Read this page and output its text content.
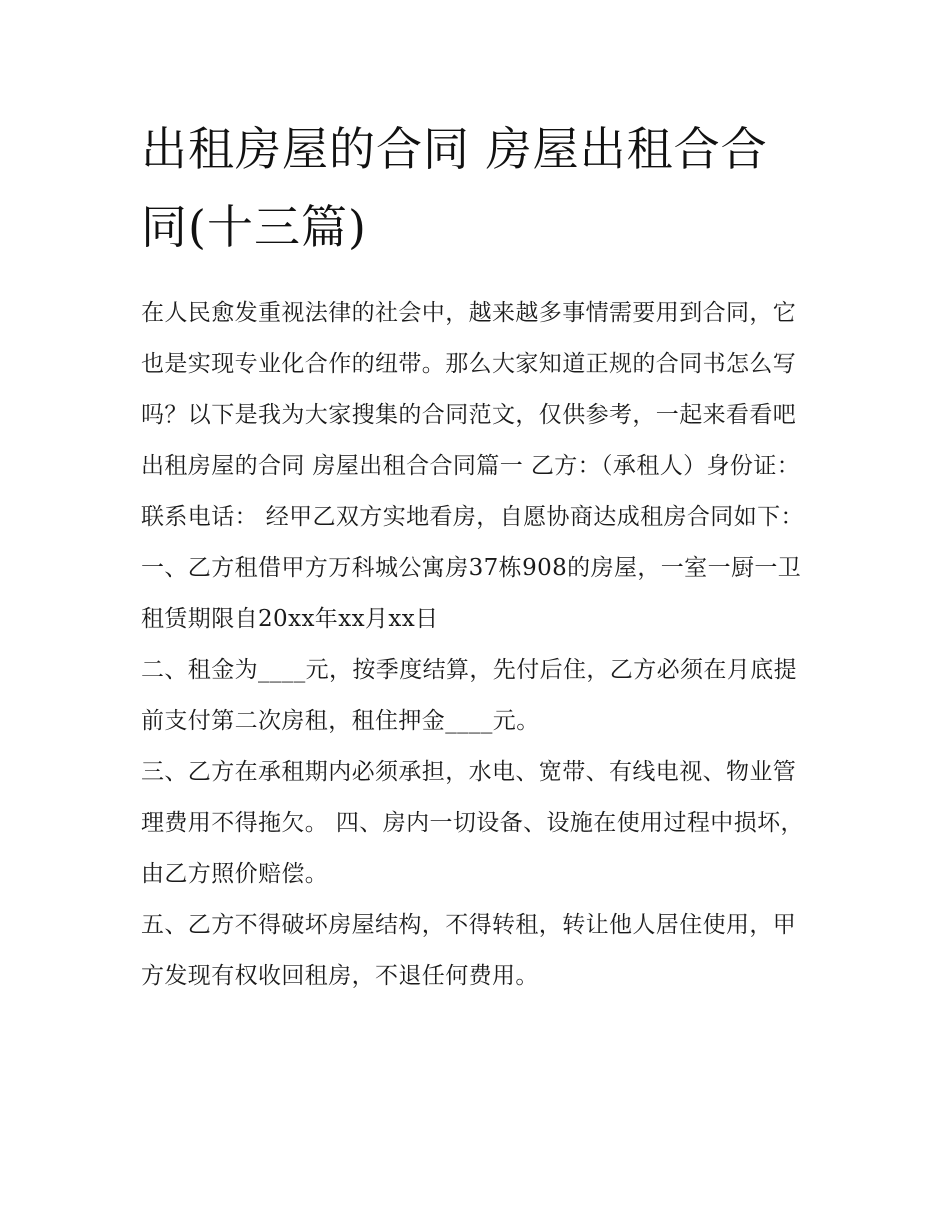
出租房屋的合同 房屋出租合合同(十三篇)

在人民愈发重视法律的社会中，越来越多事情需要用到合同，它也是实现专业化合作的纽带。那么大家知道正规的合同书怎么写吗？以下是我为大家搜集的合同范文，仅供参考，一起来看看吧

出租房屋的合同 房屋出租合合同篇一 乙方：（承租人）身份证：联系电话： 经甲乙双方实地看房，自愿协商达成租房合同如下：

一、乙方租借甲方万科城公寓房37栋908的房屋，一室一厨一卫租赁期限自20xx年xx月xx日

二、租金为____元，按季度结算，先付后住，乙方必须在月底提前支付第二次房租，租住押金____元。

三、乙方在承租期内必须承担，水电、宽带、有线电视、物业管理费用不得拖欠。 四、房内一切设备、设施在使用过程中损坏，由乙方照价赔偿。

五、乙方不得破坏房屋结构，不得转租，转让他人居住使用，甲方发现有权收回租房，不退任何费用。
